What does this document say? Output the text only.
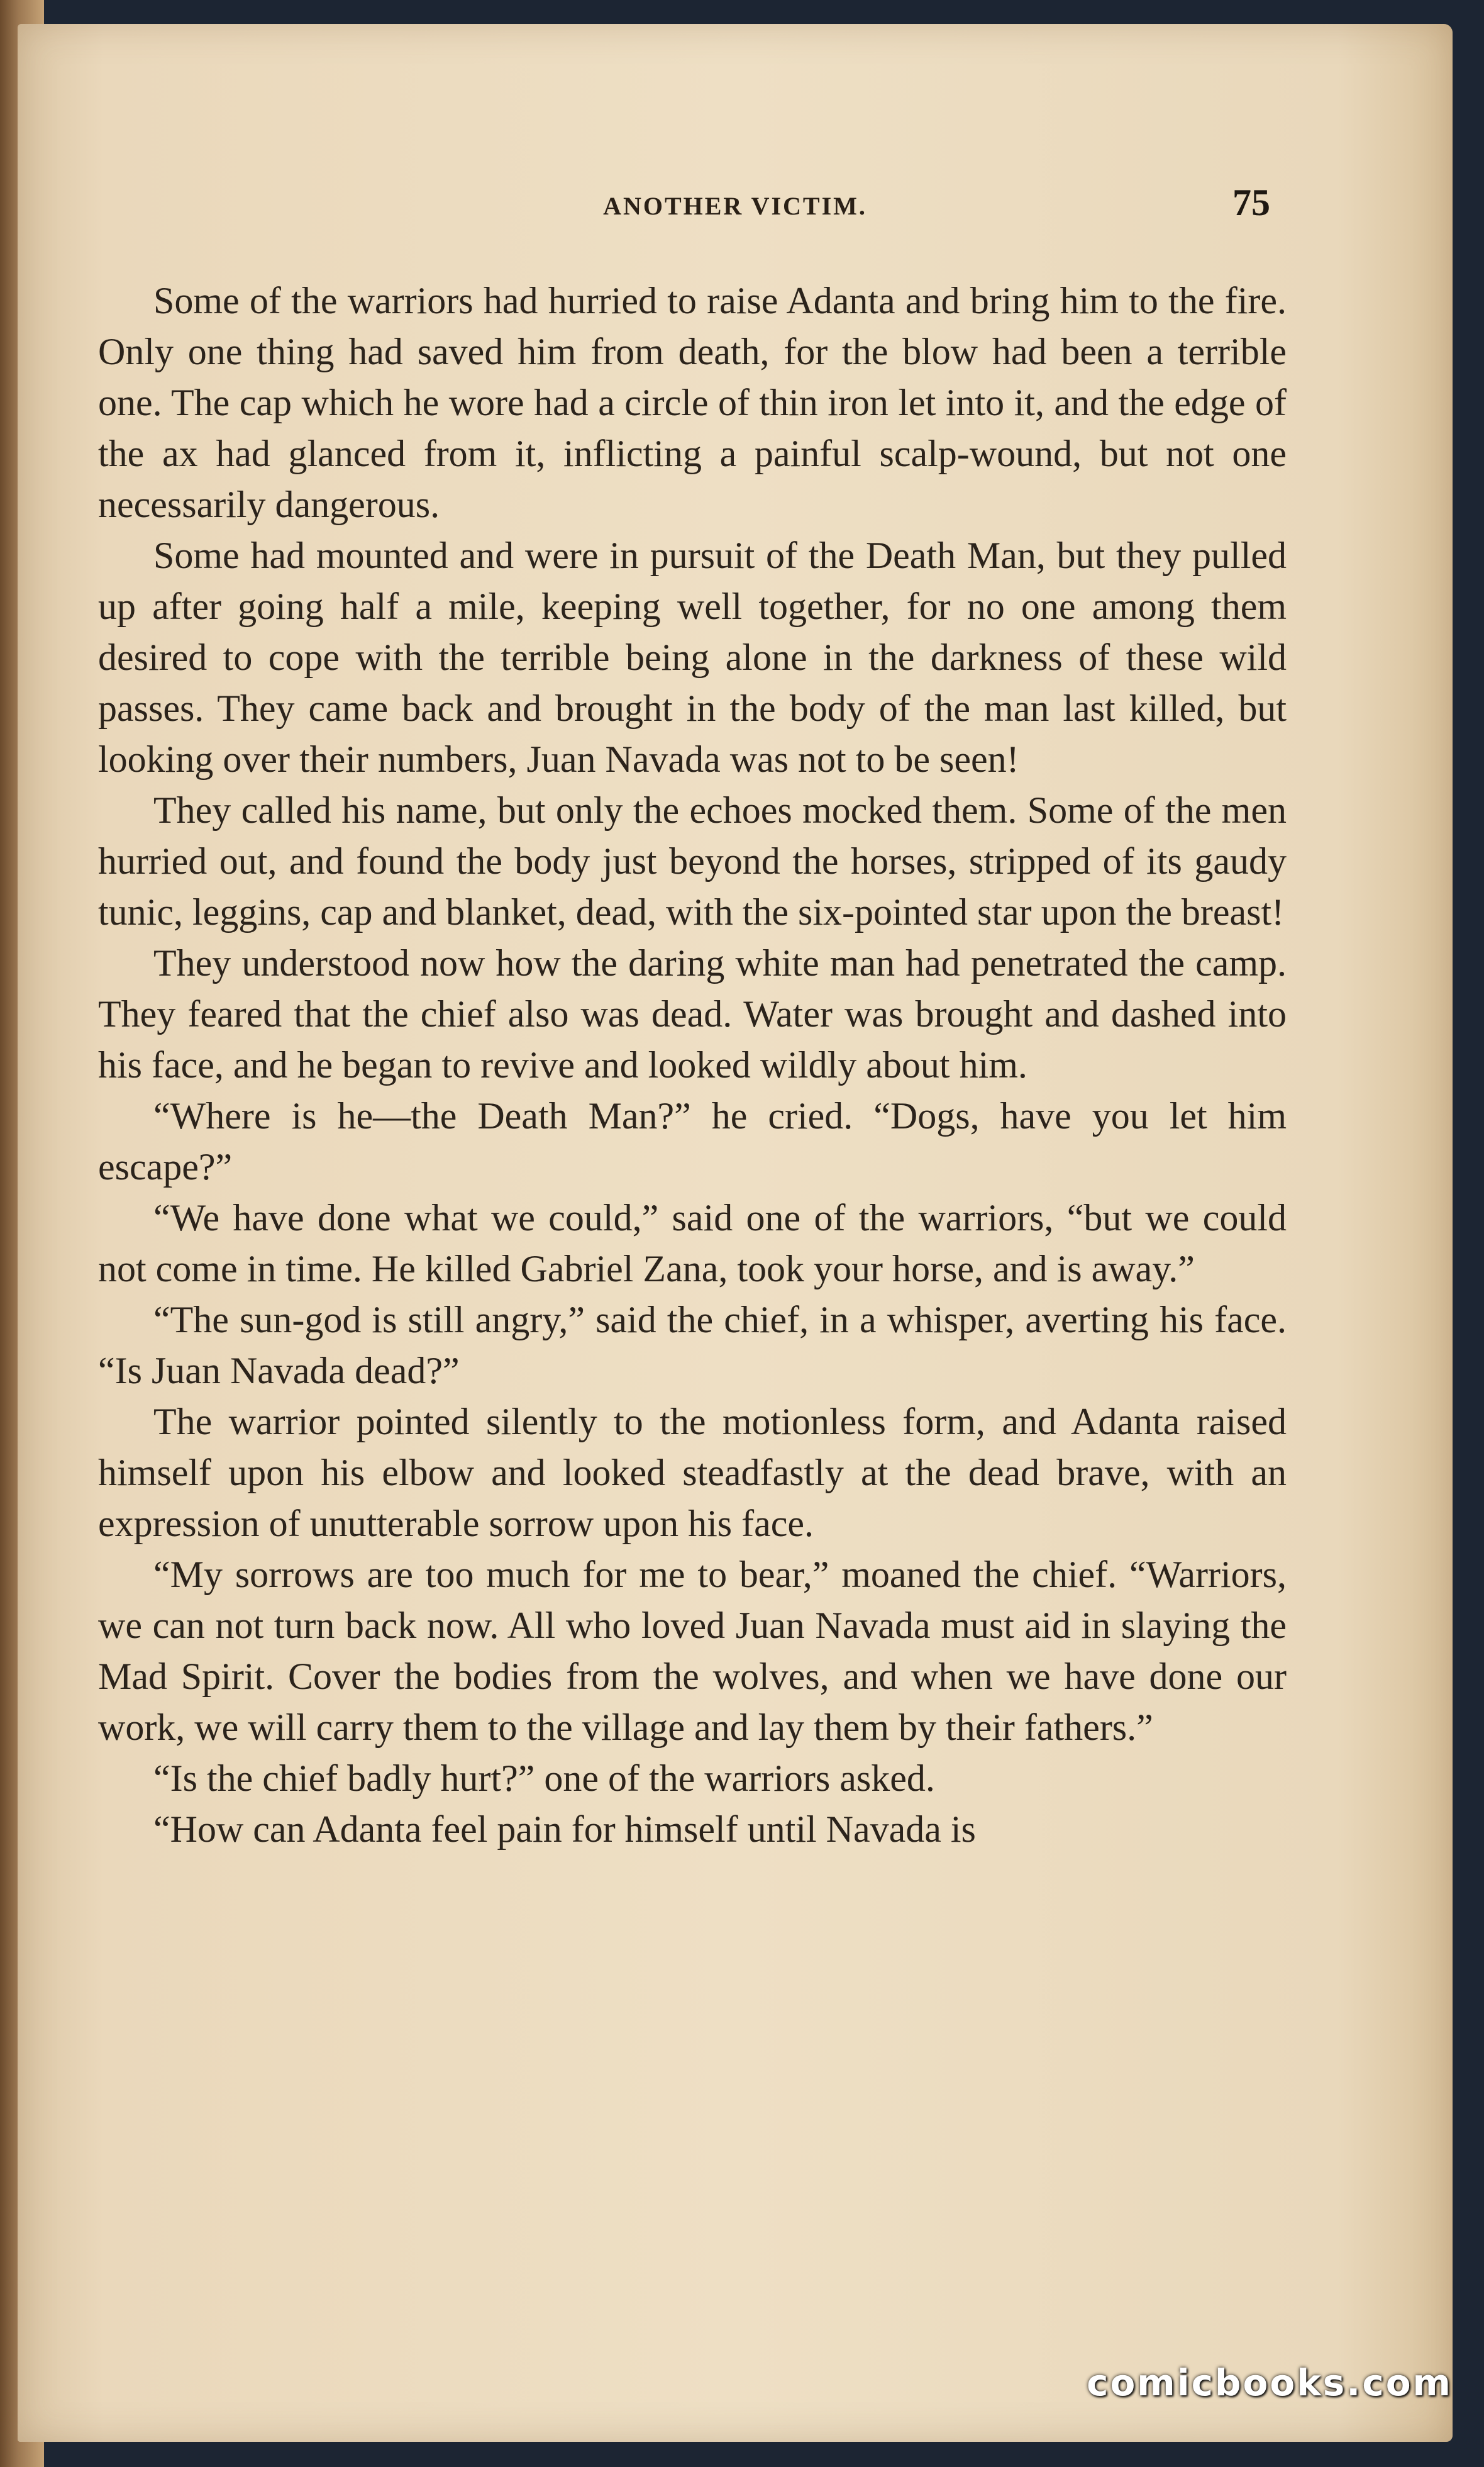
ANOTHER VICTIM.	75

Some of the warriors had hurried to raise Adanta and bring him to the fire. Only one thing had saved him from death, for the blow had been a terrible one. The cap which he wore had a circle of thin iron let into it, and the edge of the ax had glanced from it, inflicting a painful scalp-wound, but not one necessarily dangerous.

Some had mounted and were in pursuit of the Death Man, but they pulled up after going half a mile, keeping well together, for no one among them desired to cope with the terrible being alone in the darkness of these wild passes. They came back and brought in the body of the man last killed, but looking over their numbers, Juan Navada was not to be seen!

They called his name, but only the echoes mocked them. Some of the men hurried out, and found the body just beyond the horses, stripped of its gaudy tunic, leggins, cap and blanket, dead, with the six-pointed star upon the breast!

They understood now how the daring white man had penetrated the camp. They feared that the chief also was dead. Water was brought and dashed into his face, and he began to revive and looked wildly about him.

“Where is he—the Death Man?” he cried. “Dogs, have you let him escape?”

“We have done what we could,” said one of the warriors, “but we could not come in time. He killed Gabriel Zana, took your horse, and is away.”

“The sun-god is still angry,” said the chief, in a whisper, averting his face. “Is Juan Navada dead?”

The warrior pointed silently to the motionless form, and Adanta raised himself upon his elbow and looked steadfastly at the dead brave, with an expression of unutterable sorrow upon his face.

“My sorrows are too much for me to bear,” moaned the chief. “Warriors, we can not turn back now. All who loved Juan Navada must aid in slaying the Mad Spirit. Cover the bodies from the wolves, and when we have done our work, we will carry them to the village and lay them by their fathers.”

“Is the chief badly hurt?” one of the warriors asked.

“How can Adanta feel pain for himself until Navada is

comicbooks.com
